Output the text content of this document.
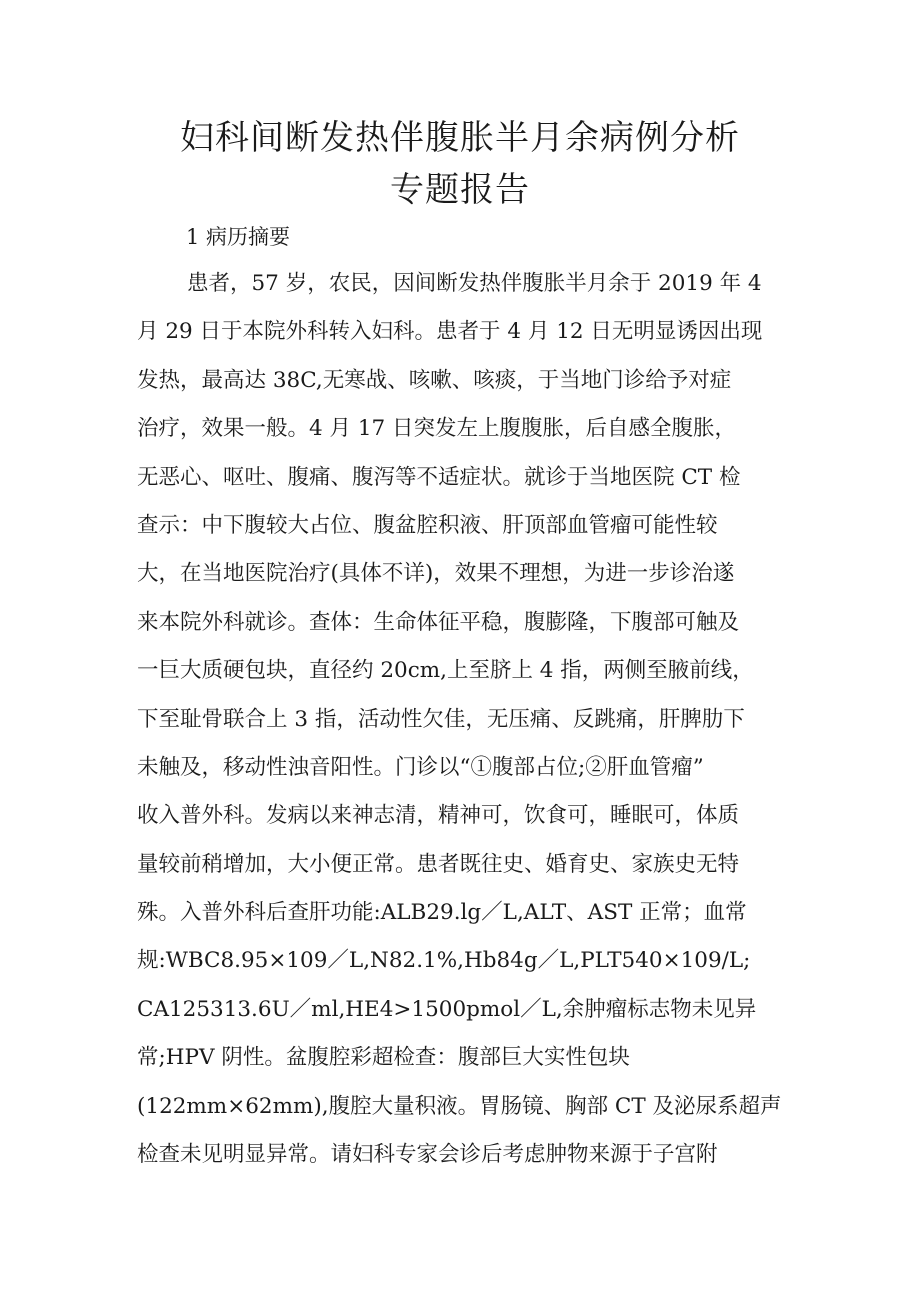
妇科间断发热伴腹胀半月余病例分析
专题报告
1 病历摘要
患者，57 岁，农民，因间断发热伴腹胀半月余于 2019 年 4
月 29 日于本院外科转入妇科。患者于 4 月 12 日无明显诱因出现
发热，最高达 38C,无寒战、咳嗽、咳痰，于当地门诊给予对症
治疗，效果一般。4 月 17 日突发左上腹腹胀，后自感全腹胀，
无恶心、呕吐、腹痛、腹泻等不适症状。就诊于当地医院 CT 检
查示：中下腹较大占位、腹盆腔积液、肝顶部血管瘤可能性较
大，在当地医院治疗(具体不详)，效果不理想，为进一步诊治遂
来本院外科就诊。查体：生命体征平稳，腹膨隆，下腹部可触及
一巨大质硬包块，直径约 20cm,上至脐上 4 指，两侧至腋前线，
下至耻骨联合上 3 指，活动性欠佳，无压痛、反跳痛，肝脾肋下
未触及，移动性浊音阳性。门诊以“①腹部占位;②肝血管瘤”
收入普外科。发病以来神志清，精神可，饮食可，睡眠可，体质
量较前稍增加，大小便正常。患者既往史、婚育史、家族史无特
殊。入普外科后查肝功能:ALB29.lg／L,ALT、AST 正常；血常
规:WBC8.95×109／L,N82.1%,Hb84g／L,PLT540×109/L;
CA125313.6U／ml,HE4>1500pmol／L,余肿瘤标志物未见异
常;HPV 阴性。盆腹腔彩超检查：腹部巨大实性包块
(122mm×62mm),腹腔大量积液。胃肠镜、胸部 CT 及泌尿系超声
检查未见明显异常。请妇科专家会诊后考虑肿物来源于子宫附
